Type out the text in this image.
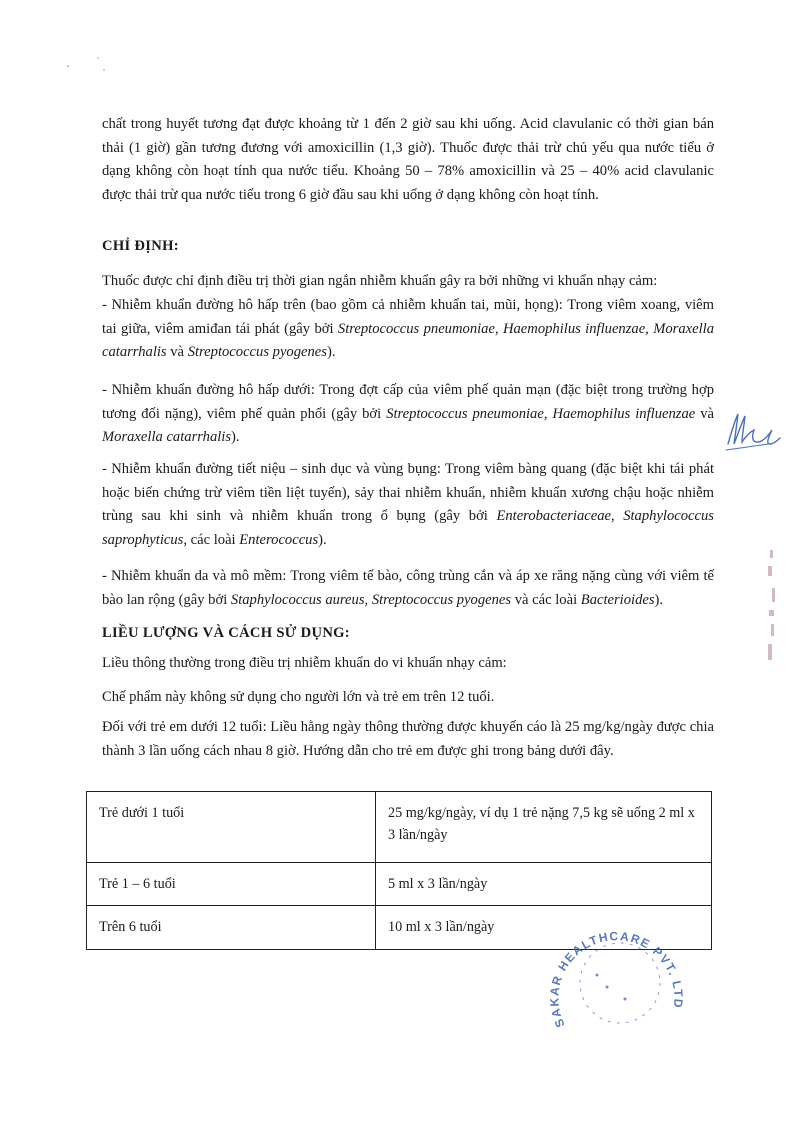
chất trong huyết tương đạt được khoảng từ 1 đến 2 giờ sau khi uống. Acid clavulanic có thời gian bán thải (1 giờ) gần tương đương với amoxicillin (1,3 giờ). Thuốc được thải trừ chủ yếu qua nước tiểu ở dạng không còn hoạt tính qua nước tiểu. Khoảng 50 – 78% amoxicillin và 25 – 40% acid clavulanic được thải trừ qua nước tiểu trong 6 giờ đầu sau khi uống ở dạng không còn hoạt tính.

CHỈ ĐỊNH:

Thuốc được chỉ định điều trị thời gian ngắn nhiễm khuẩn gây ra bởi những vi khuẩn nhạy cảm:

- Nhiễm khuẩn đường hô hấp trên (bao gồm cả nhiễm khuẩn tai, mũi, họng): Trong viêm xoang, viêm tai giữa, viêm amiđan tái phát (gây bởi Streptococcus pneumoniae, Haemophilus influenzae, Moraxella catarrhalis và Streptococcus pyogenes).

- Nhiễm khuẩn đường hô hấp dưới: Trong đợt cấp của viêm phế quản mạn (đặc biệt trong trường hợp tương đối nặng), viêm phế quản phổi (gây bởi Streptococcus pneumoniae, Haemophilus influenzae và Moraxella catarrhalis).

- Nhiễm khuẩn đường tiết niệu – sinh dục và vùng bụng: Trong viêm bàng quang (đặc biệt khi tái phát hoặc biến chứng trừ viêm tiền liệt tuyến), sảy thai nhiễm khuẩn, nhiễm khuẩn xương chậu hoặc nhiễm trùng sau khi sinh và nhiễm khuẩn trong ổ bụng (gây bởi Enterobacteriaceae, Staphylococcus saprophyticus, các loài Enterococcus).

- Nhiễm khuẩn da và mô mềm: Trong viêm tế bào, công trùng cắn và áp xe răng nặng cùng với viêm tế bào lan rộng (gây bởi Staphylococcus aureus, Streptococcus pyogenes và các loài Bacterioides).

LIỀU LƯỢNG VÀ CÁCH SỬ DỤNG:

Liều thông thường trong điều trị nhiễm khuẩn do vi khuẩn nhạy cảm:

Chế phẩm này không sử dụng cho người lớn và trẻ em trên 12 tuổi.

Đối với trẻ em dưới 12 tuổi: Liều hằng ngày thông thường được khuyến cáo là 25 mg/kg/ngày được chia thành 3 lần uống cách nhau 8 giờ. Hướng dẫn cho trẻ em được ghi trong bảng dưới đây.

Trẻ dưới 1 tuổi	25 mg/kg/ngày, ví dụ 1 trẻ nặng 7,5 kg sẽ uống 2 ml x 3 lần/ngày
Trẻ 1 – 6 tuổi	5 ml x 3 lần/ngày
Trên 6 tuổi	10 ml x 3 lần/ngày
SAKAR HEALTHCARE PVT. LTD
